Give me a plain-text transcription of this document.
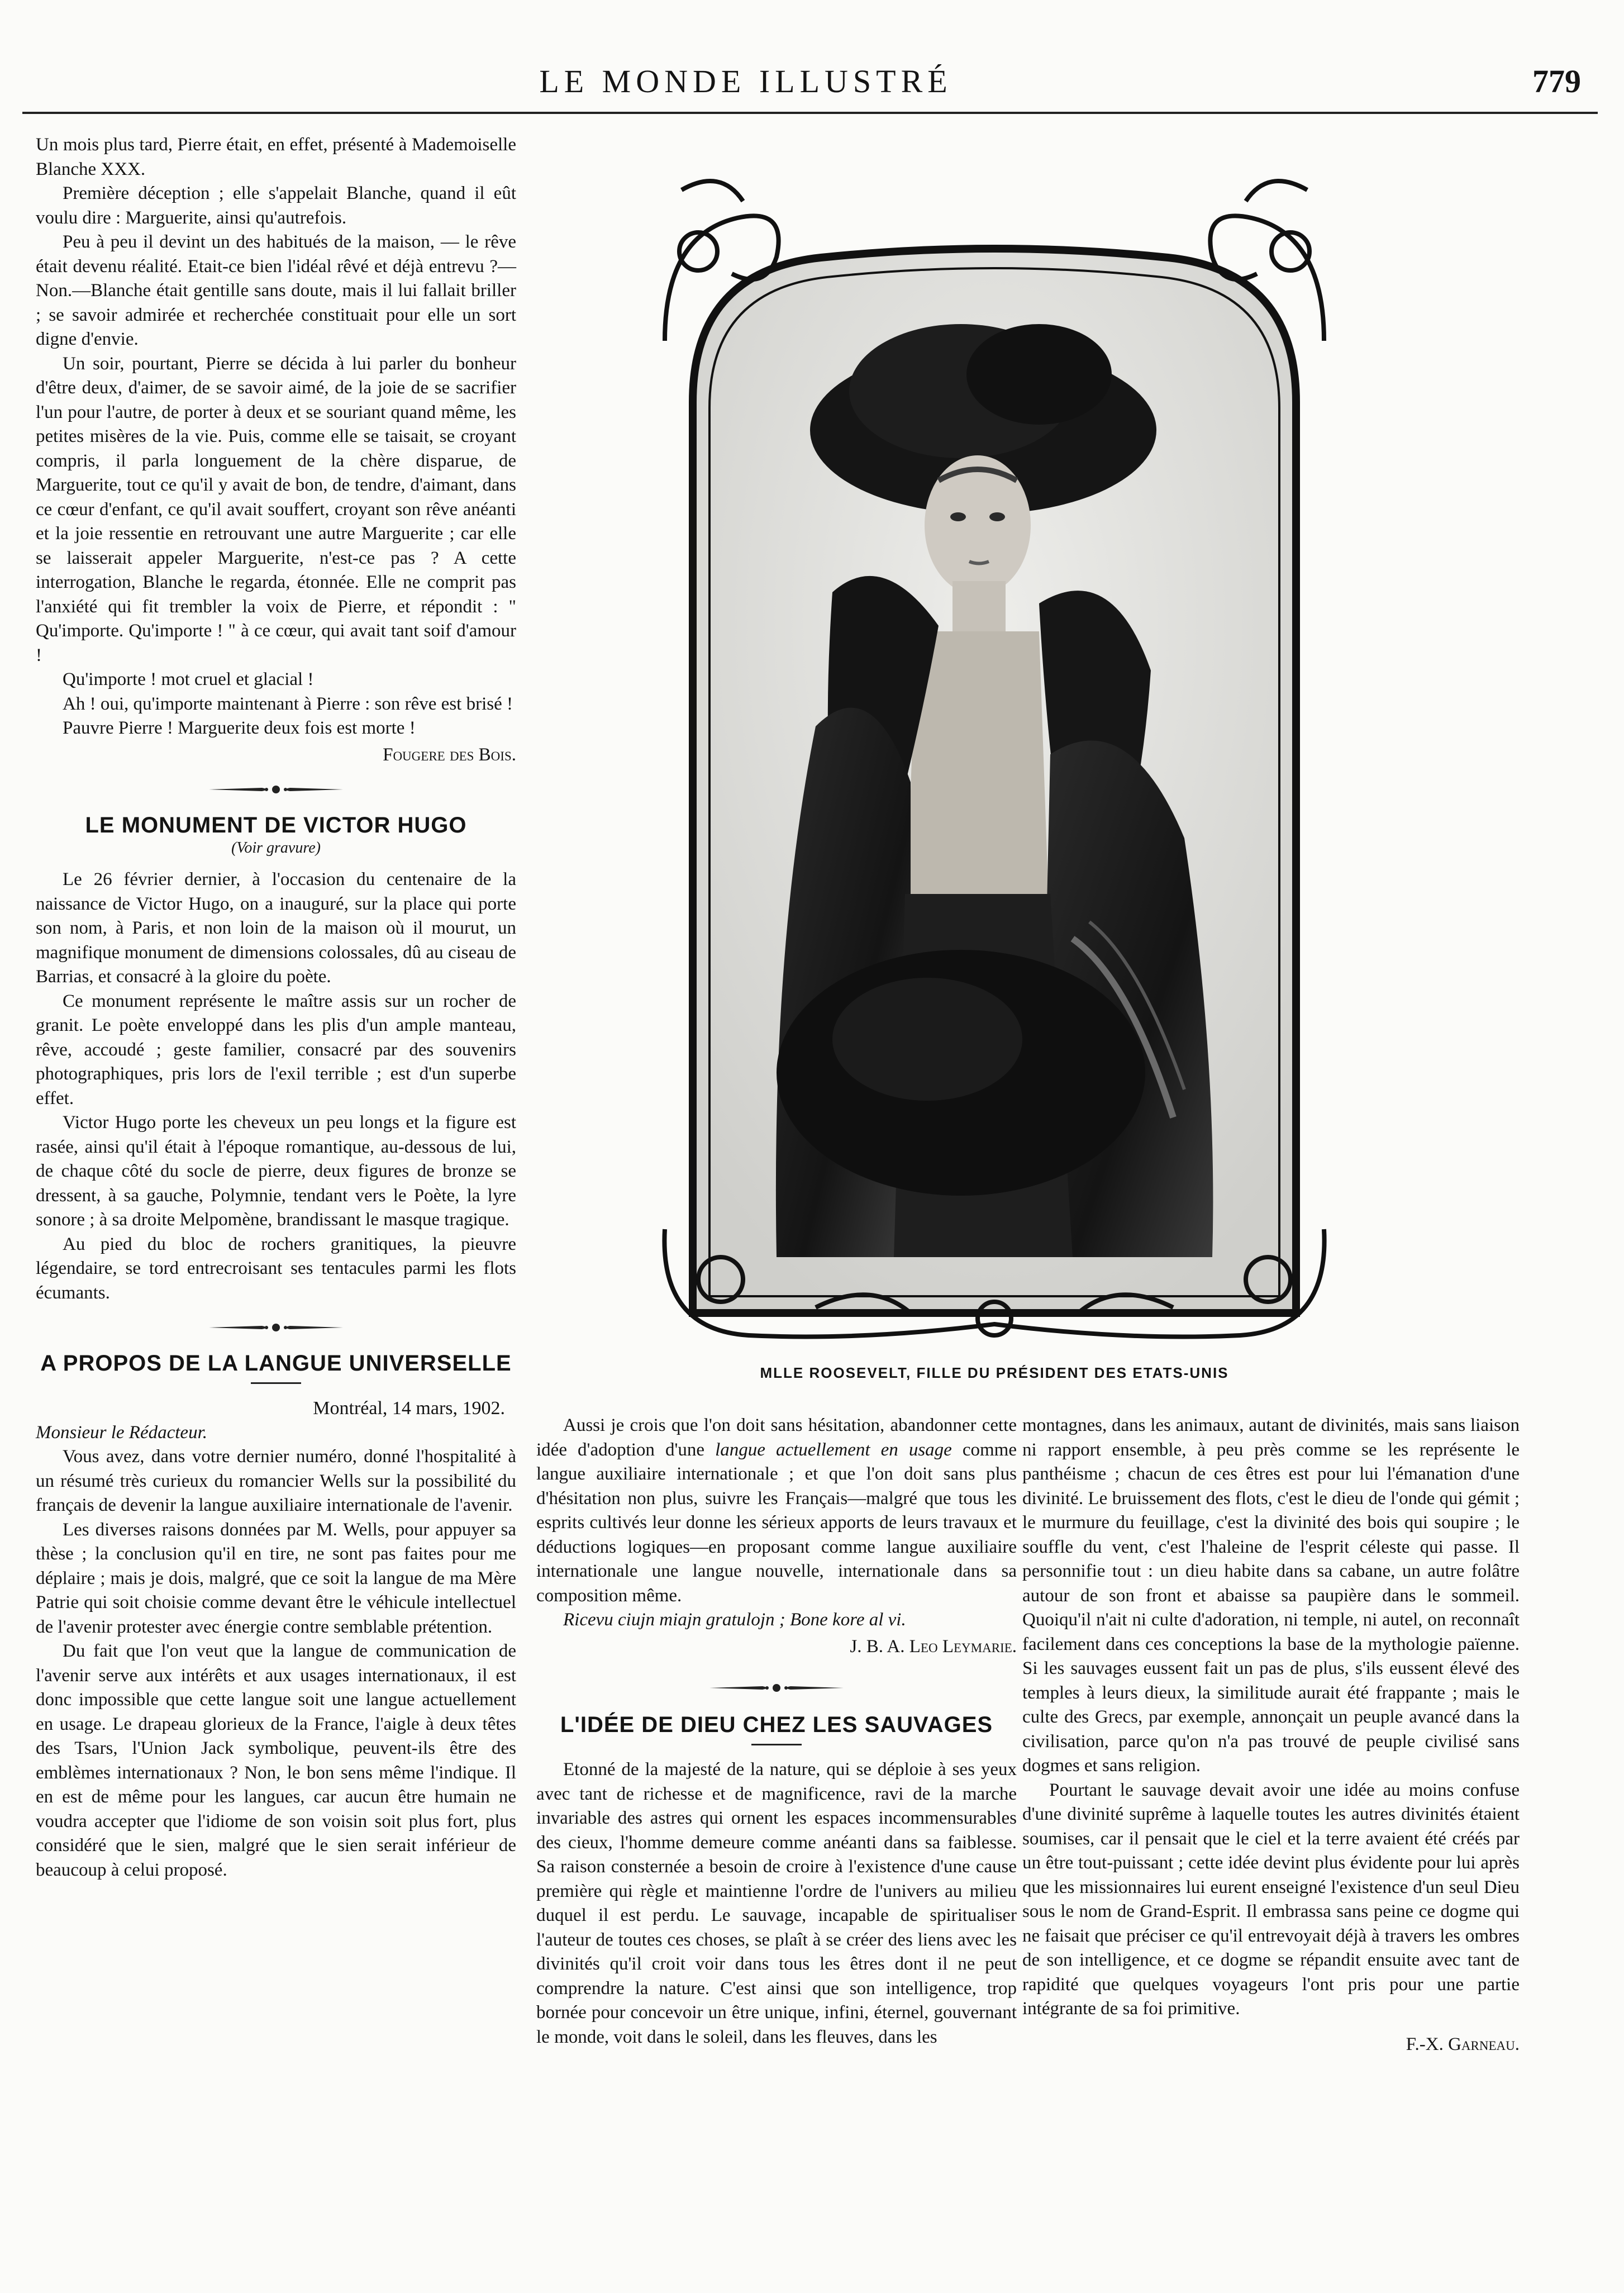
LE MONDE ILLUSTRÉ	779

Un mois plus tard, Pierre était, en effet, présenté à Mademoiselle Blanche XXX.

Première déception ; elle s'appelait Blanche, quand il eût voulu dire : Marguerite, ainsi qu'autrefois.

Peu à peu il devint un des habitués de la maison, — le rêve était devenu réalité. Etait-ce bien l'idéal rêvé et déjà entrevu ?—Non.—Blanche était gentille sans doute, mais il lui fallait briller ; se savoir admirée et recherchée constituait pour elle un sort digne d'envie.

Un soir, pourtant, Pierre se décida à lui parler du bonheur d'être deux, d'aimer, de se savoir aimé, de la joie de se sacrifier l'un pour l'autre, de porter à deux et se souriant quand même, les petites misères de la vie. Puis, comme elle se taisait, se croyant compris, il parla longuement de la chère disparue, de Marguerite, tout ce qu'il y avait de bon, de tendre, d'aimant, dans ce cœur d'enfant, ce qu'il avait souffert, croyant son rêve anéanti et la joie ressentie en retrouvant une autre Marguerite ; car elle se laisserait appeler Marguerite, n'est-ce pas ? A cette interrogation, Blanche le regarda, étonnée. Elle ne comprit pas l'anxiété qui fit trembler la voix de Pierre, et répondit : " Qu'importe. Qu'importe ! " à ce cœur, qui avait tant soif d'amour !

Qu'importe ! mot cruel et glacial !

Ah ! oui, qu'importe maintenant à Pierre : son rêve est brisé !

Pauvre Pierre ! Marguerite deux fois est morte !

Fougere des Bois.
LE MONUMENT DE VICTOR HUGO
(Voir gravure)

Le 26 février dernier, à l'occasion du centenaire de la naissance de Victor Hugo, on a inauguré, sur la place qui porte son nom, à Paris, et non loin de la maison où il mourut, un magnifique monument de dimensions colossales, dû au ciseau de Barrias, et consacré à la gloire du poète.

Ce monument représente le maître assis sur un rocher de granit. Le poète enveloppé dans les plis d'un ample manteau, rêve, accoudé ; geste familier, consacré par des souvenirs photographiques, pris lors de l'exil terrible ; est d'un superbe effet.

Victor Hugo porte les cheveux un peu longs et la figure est rasée, ainsi qu'il était à l'époque romantique, au-dessous de lui, de chaque côté du socle de pierre, deux figures de bronze se dressent, à sa gauche, Polymnie, tendant vers le Poète, la lyre sonore ; à sa droite Melpomène, brandissant le masque tragique.

Au pied du bloc de rochers granitiques, la pieuvre légendaire, se tord entrecroisant ses tentacules parmi les flots écumants.

A PROPOS DE LA LANGUE UNIVERSELLE
Montréal, 14 mars, 1902.

Monsieur le Rédacteur.

Vous avez, dans votre dernier numéro, donné l'hospitalité à un résumé très curieux du romancier Wells sur la possibilité du français de devenir la langue auxiliaire internationale de l'avenir.

Les diverses raisons données par M. Wells, pour appuyer sa thèse ; la conclusion qu'il en tire, ne sont pas faites pour me déplaire ; mais je dois, malgré, que ce soit la langue de ma Mère Patrie qui soit choisie comme devant être le véhicule intellectuel de l'avenir protester avec énergie contre semblable prétention.

Du fait que l'on veut que la langue de communication de l'avenir serve aux intérêts et aux usages internationaux, il est donc impossible que cette langue soit une langue actuellement en usage. Le drapeau glorieux de la France, l'aigle à deux têtes des Tsars, l'Union Jack symbolique, peuvent-ils être des emblèmes internationaux ? Non, le bon sens même l'indique. Il en est de même pour les langues, car aucun être humain ne voudra accepter que l'idiome de son voisin soit plus fort, plus considéré que le sien, malgré que le sien serait inférieur de beaucoup à celui proposé.

MLLE ROOSEVELT, FILLE DU PRÉSIDENT DES ETATS-UNIS

Aussi je crois que l'on doit sans hésitation, abandonner cette idée d'adoption d'une langue actuellement en usage comme langue auxiliaire internationale ; et que l'on doit sans plus d'hésitation non plus, suivre les Français—malgré que tous les esprits cultivés leur donne les sérieux apports de leurs travaux et déductions logiques—en proposant comme langue auxiliaire internationale une langue nouvelle, internationale dans sa composition même.

Ricevu ciujn miajn gratulojn ; Bone kore al vi.

J. B. A. Leo Leymarie.
L'IDÉE DE DIEU CHEZ LES SAUVAGES

Etonné de la majesté de la nature, qui se déploie à ses yeux avec tant de richesse et de magnificence, ravi de la marche invariable des astres qui ornent les espaces incommensurables des cieux, l'homme demeure comme anéanti dans sa faiblesse. Sa raison consternée a besoin de croire à l'existence d'une cause première qui règle et maintienne l'ordre de l'univers au milieu duquel il est perdu. Le sauvage, incapable de spiritualiser l'auteur de toutes ces choses, se plaît à se créer des liens avec les divinités qu'il croit voir dans tous les êtres dont il ne peut comprendre la nature. C'est ainsi que son intelligence, trop bornée pour concevoir un être unique, infini, éternel, gouvernant le monde, voit dans le soleil, dans les fleuves, dans les

montagnes, dans les animaux, autant de divinités, mais sans liaison ni rapport ensemble, à peu près comme se les représente le panthéisme ; chacun de ces êtres est pour lui l'émanation d'une divinité. Le bruissement des flots, c'est le dieu de l'onde qui gémit ; le murmure du feuillage, c'est la divinité des bois qui soupire ; le souffle du vent, c'est l'haleine de l'esprit céleste qui passe. Il personnifie tout : un dieu habite dans sa cabane, un autre folâtre autour de son front et abaisse sa paupière dans le sommeil. Quoiqu'il n'ait ni culte d'adoration, ni temple, ni autel, on reconnaît facilement dans ces conceptions la base de la mythologie païenne. Si les sauvages eussent fait un pas de plus, s'ils eussent élevé des temples à leurs dieux, la similitude aurait été frappante ; mais le culte des Grecs, par exemple, annonçait un peuple avancé dans la civilisation, parce qu'on n'a pas trouvé de peuple civilisé sans dogmes et sans religion.

Pourtant le sauvage devait avoir une idée au moins confuse d'une divinité suprême à laquelle toutes les autres divinités étaient soumises, car il pensait que le ciel et la terre avaient été créés par un être tout-puissant ; cette idée devint plus évidente pour lui après que les missionnaires lui eurent enseigné l'existence d'un seul Dieu sous le nom de Grand-Esprit. Il embrassa sans peine ce dogme qui ne faisait que préciser ce qu'il entrevoyait déjà à travers les ombres de son intelligence, et ce dogme se répandit ensuite avec tant de rapidité que quelques voyageurs l'ont pris pour une partie intégrante de sa foi primitive.

F.-X. Garneau.
